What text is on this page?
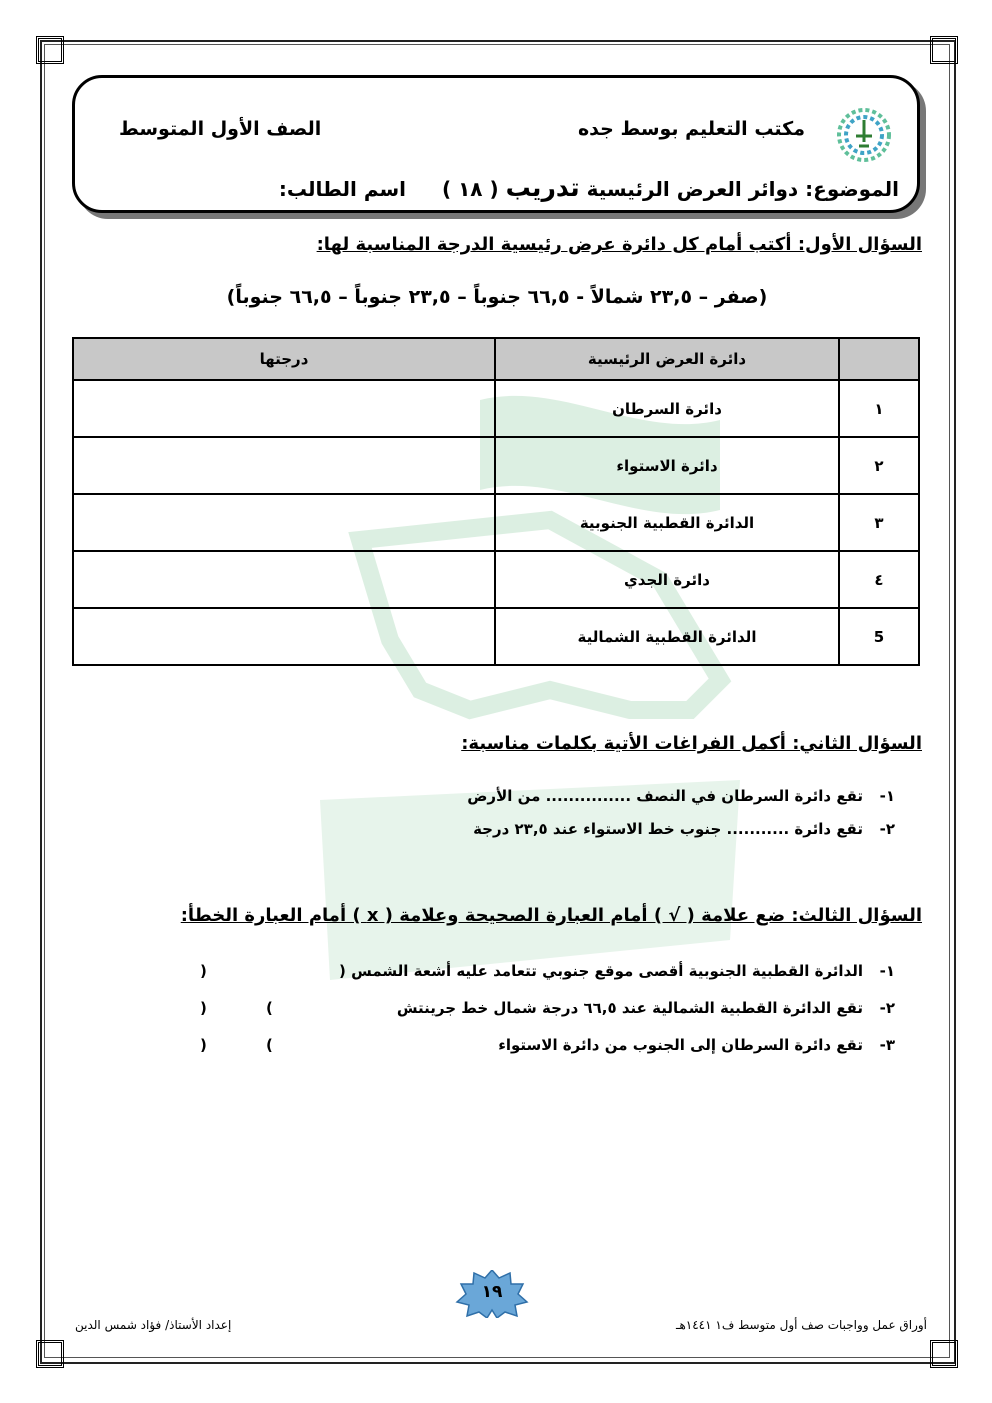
مكتب التعليم بوسط جده
الصف الأول المتوسط
الموضوع: دوائر العرض الرئيسية تدريب ( ١٨ )  اسم الطالب:
السؤال الأول: أكتب أمام كل دائرة عرض رئيسية الدرجة المناسبة لها:
(صفر – ٢٣,٥ شمالاً - ٦٦,٥ جنوباً – ٢٣,٥ جنوباً – ٦٦,٥ جنوباً)
	دائرة العرض الرئيسية	درجتها
١	دائرة السرطان	
٢	دائرة الاستواء	
٣	الدائرة القطبية الجنوبية	
٤	دائرة الجدي	
5	الدائرة القطبية الشمالية	
السؤال الثاني: أكمل الفراغات الأتية بكلمات مناسبة:
١-تقع دائرة السرطان في النصف ............... من الأرض
٢-تقع دائرة ........... جنوب خط الاستواء عند ٢٣,٥ درجة
السؤال الثالث: ضع علامة ( √ ) أمام العبارة الصحيحة وعلامة ( x ) أمام العبارة الخطأ:
١-الدائرة القطبية الجنوبية أقصى موقع جنوبي تتعامد عليه أشعة الشمس (
)
٢-تقع الدائرة القطبية الشمالية عند ٦٦,٥ درجة شمال خط جرينتش
(
)
٣-تقع دائرة السرطان إلى الجنوب من دائرة الاستواء
(
)
١٩
إعداد الأستاذ/ فؤاد شمس الدين	أوراق عمل وواجبات صف أول متوسط ف١ ١٤٤١هـ
